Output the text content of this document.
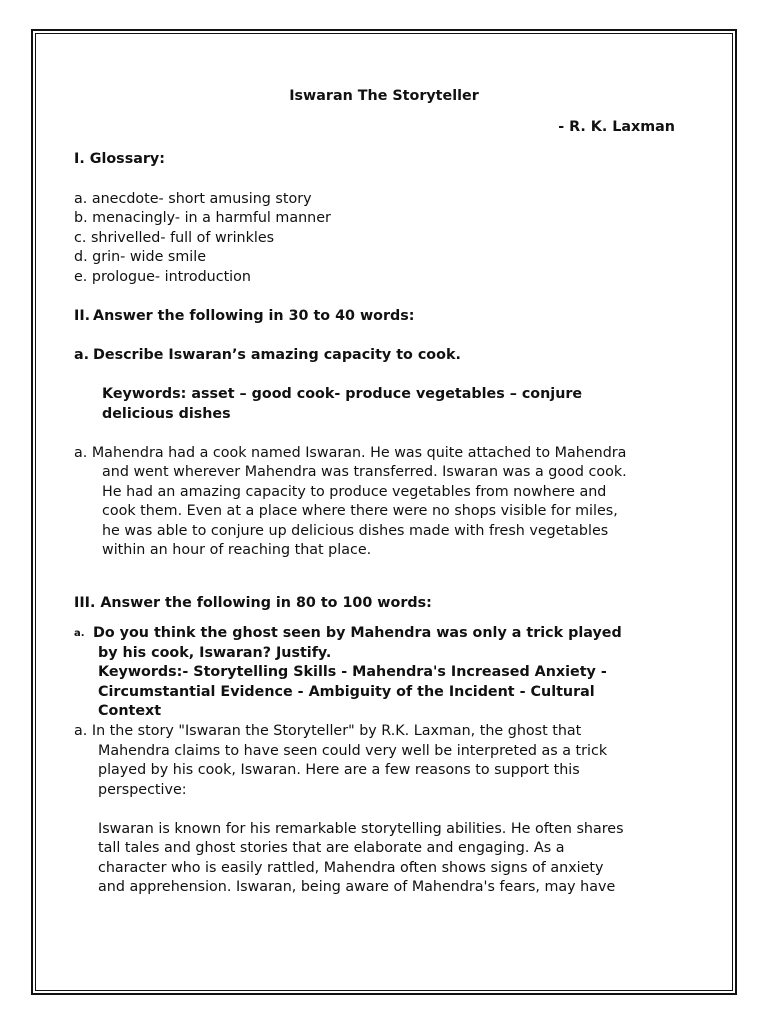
Iswaran The Storyteller
- R. K. Laxman
I. Glossary:
a. anecdote- short amusing story
b. menacingly- in a harmful manner
c. shrivelled- full of wrinkles
d. grin- wide smile
e. prologue- introduction
II. Answer the following in 30 to 40 words:
a. Describe Iswaran’s amazing capacity to cook.
Keywords: asset – good cook- produce vegetables – conjure
delicious dishes
a. Mahendra had a cook named Iswaran. He was quite attached to Mahendra
and went wherever Mahendra was transferred. Iswaran was a good cook.
He had an amazing capacity to produce vegetables from nowhere and
cook them. Even at a place where there were no shops visible for miles,
he was able to conjure up delicious dishes made with fresh vegetables
within an hour of reaching that place.
III. Answer the following in 80 to 100 words:
a. Do you think the ghost seen by Mahendra was only a trick played
by his cook, Iswaran? Justify.
Keywords:- Storytelling Skills - Mahendra's Increased Anxiety -
Circumstantial Evidence - Ambiguity of the Incident - Cultural
Context
a. In the story "Iswaran the Storyteller" by R.K. Laxman, the ghost that
Mahendra claims to have seen could very well be interpreted as a trick
played by his cook, Iswaran. Here are a few reasons to support this
perspective:
Iswaran is known for his remarkable storytelling abilities. He often shares
tall tales and ghost stories that are elaborate and engaging. As a
character who is easily rattled, Mahendra often shows signs of anxiety
and apprehension. Iswaran, being aware of Mahendra's fears, may have
